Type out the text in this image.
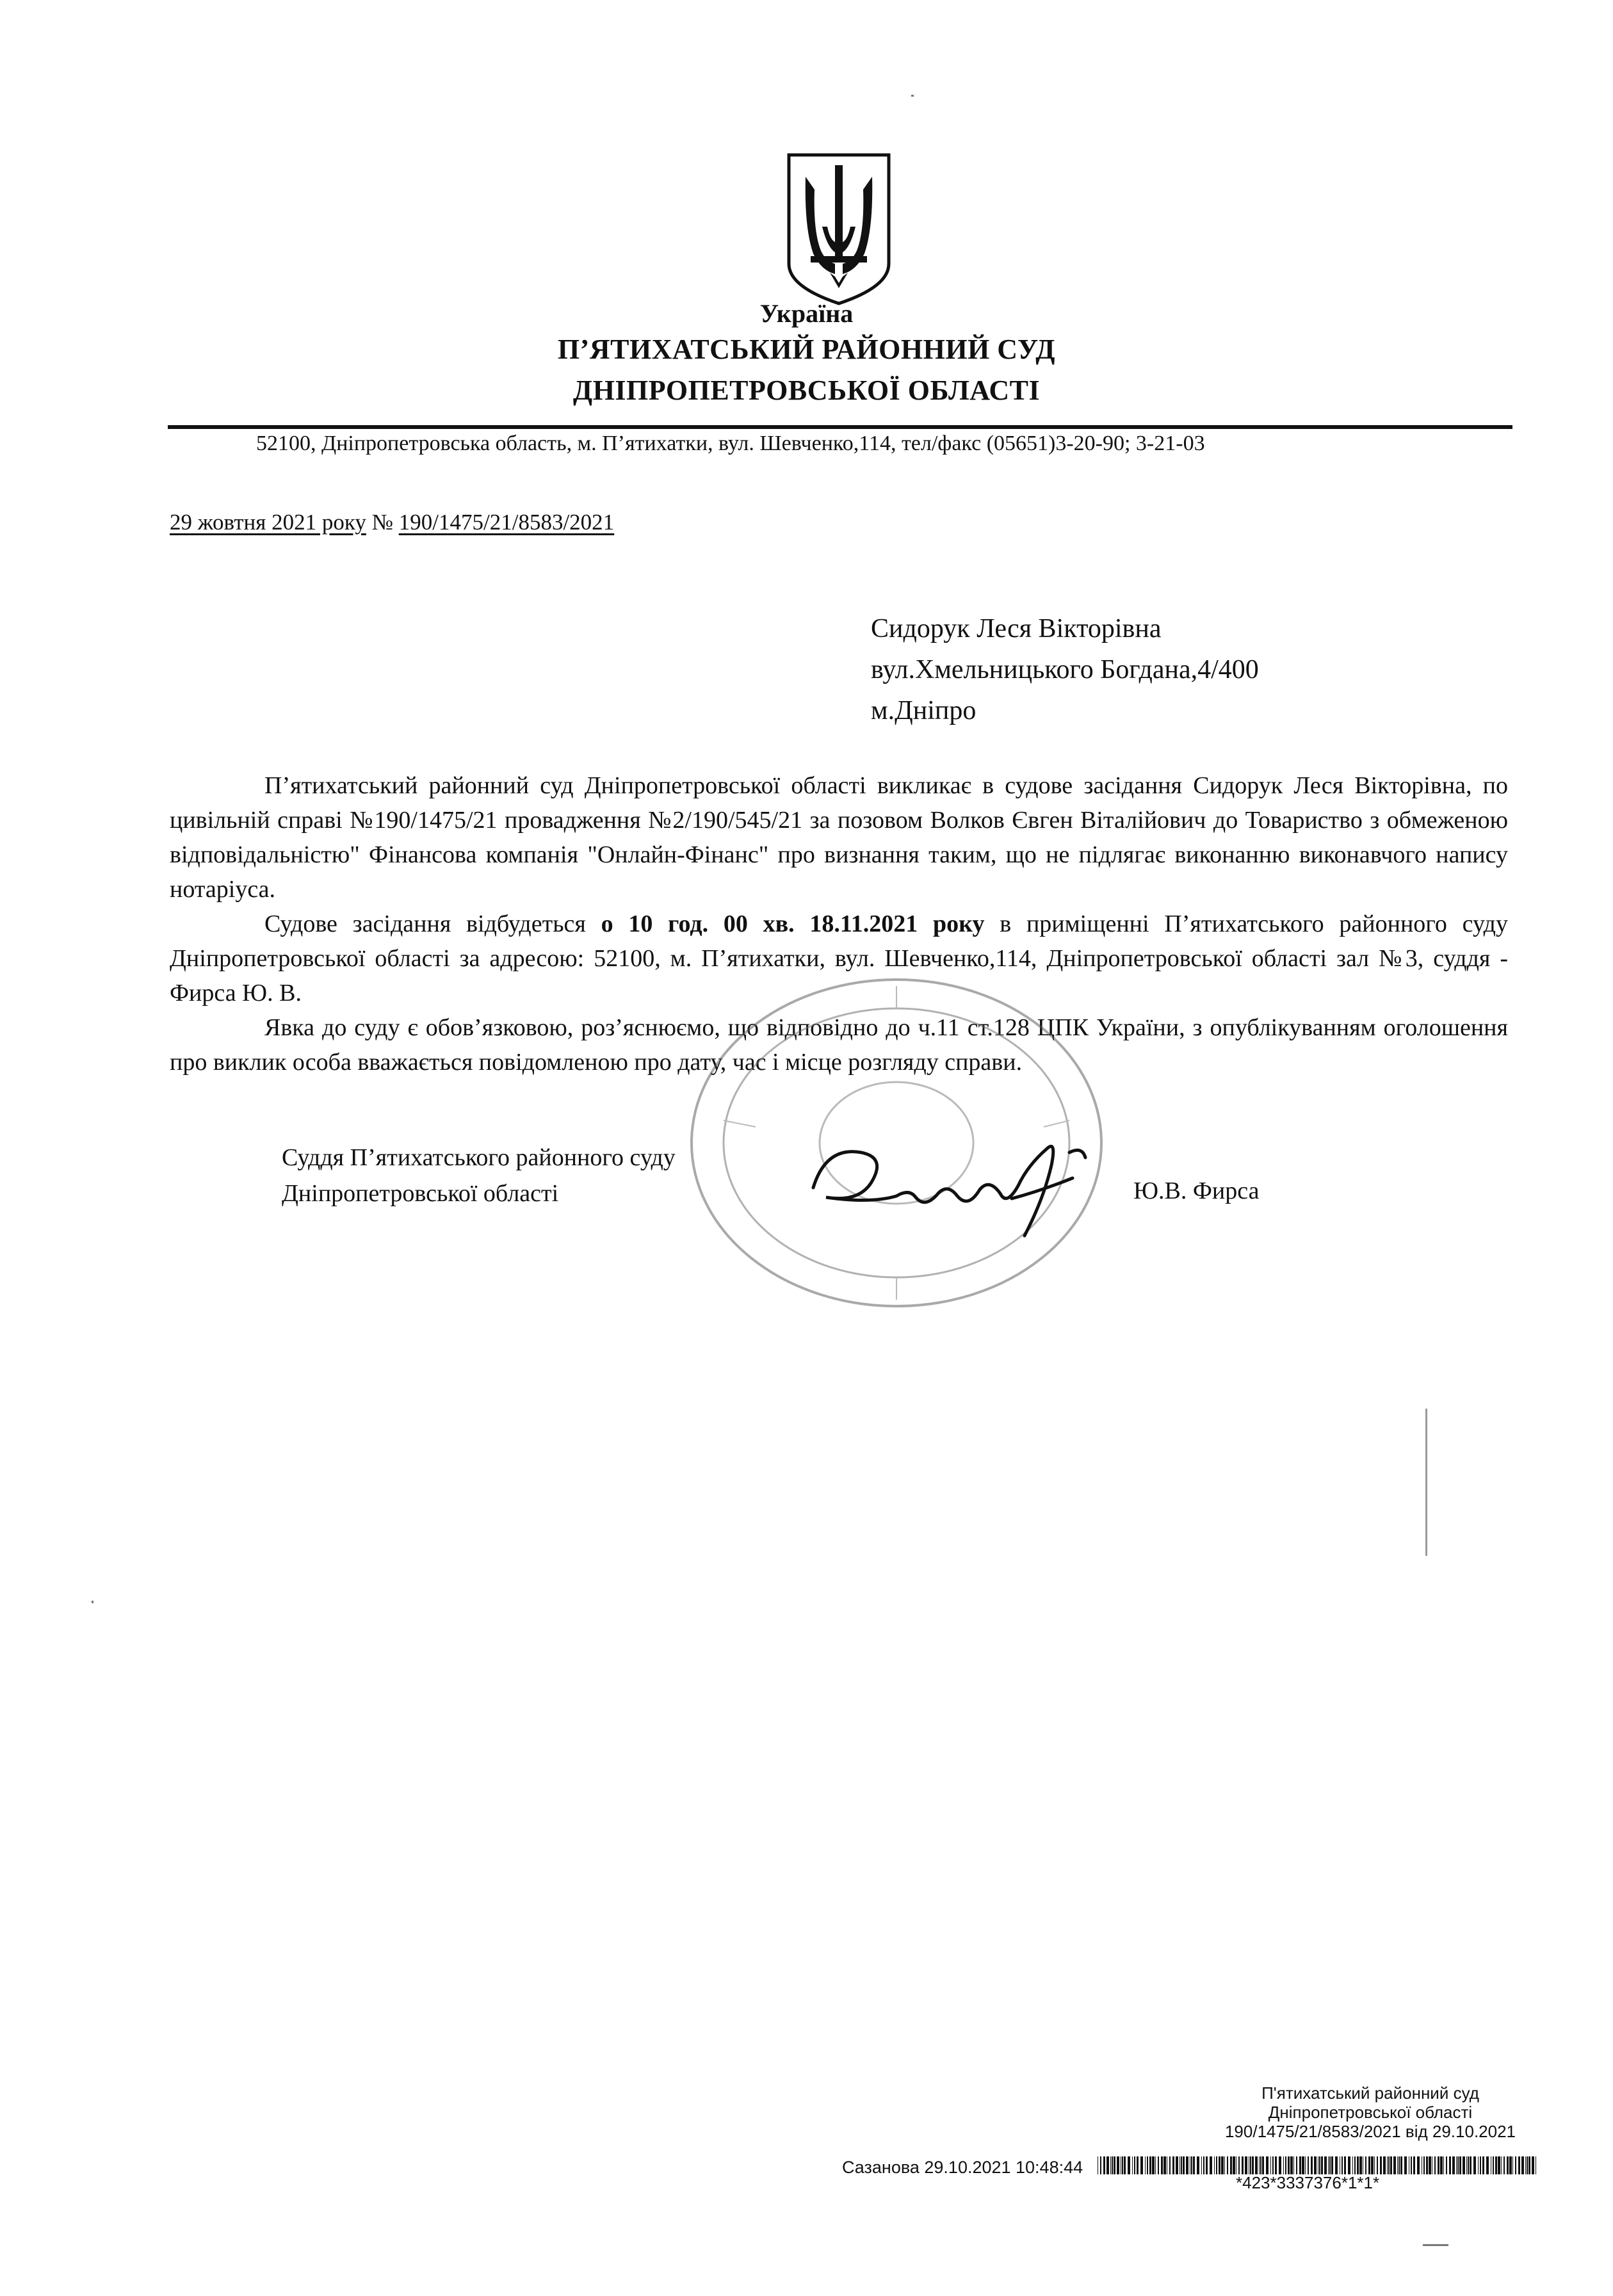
Україна
П’ЯТИХАТСЬКИЙ РАЙОННИЙ СУД
ДНІПРОПЕТРОВСЬКОЇ ОБЛАСТІ
52100, Дніпропетровська область, м. П’ятихатки, вул. Шевченко,114, тел/факс (05651)3-20-90; 3-21-03
29 жовтня 2021 року № 190/1475/21/8583/2021
Сидорук Леся Вікторівна
вул.Хмельницького Богдана,4/400
м.Дніпро

П’ятихатський районний суд Дніпропетровської області викликає в судове засідання Сидорук Леся Вікторівна, по цивільній справі №190/1475/21 провадження №2/190/545/21 за позовом Волков Євген Віталійович до Товариство з обмеженою відповідальністю" Фінансова компанія "Онлайн-Фінанс" про визнання таким, що не підлягає виконанню виконавчого напису нотаріуса.

Судове засідання відбудеться о 10 год. 00 хв. 18.11.2021 року в приміщенні П’ятихатського районного суду Дніпропетровської області за адресою: 52100, м. П’ятихатки, вул. Шевченко,114, Дніпропетровської області зал №3, суддя - Фирса Ю. В.

Явка до суду є обов’язковою, роз’яснюємо, що відповідно до ч.11 ст.128 ЦПК України, з опублікуванням оголошення про виклик особа вважається повідомленою про дату, час і місце розгляду справи.

Суддя П’ятихатського районного суду
Дніпропетровської області	Ю.В. Фирса
П'ятихатський районний суд
Дніпропетровської області
190/1475/21/8583/2021 від 29.10.2021
Сазанова 29.10.2021 10:48:44
*423*3337376*1*1*
